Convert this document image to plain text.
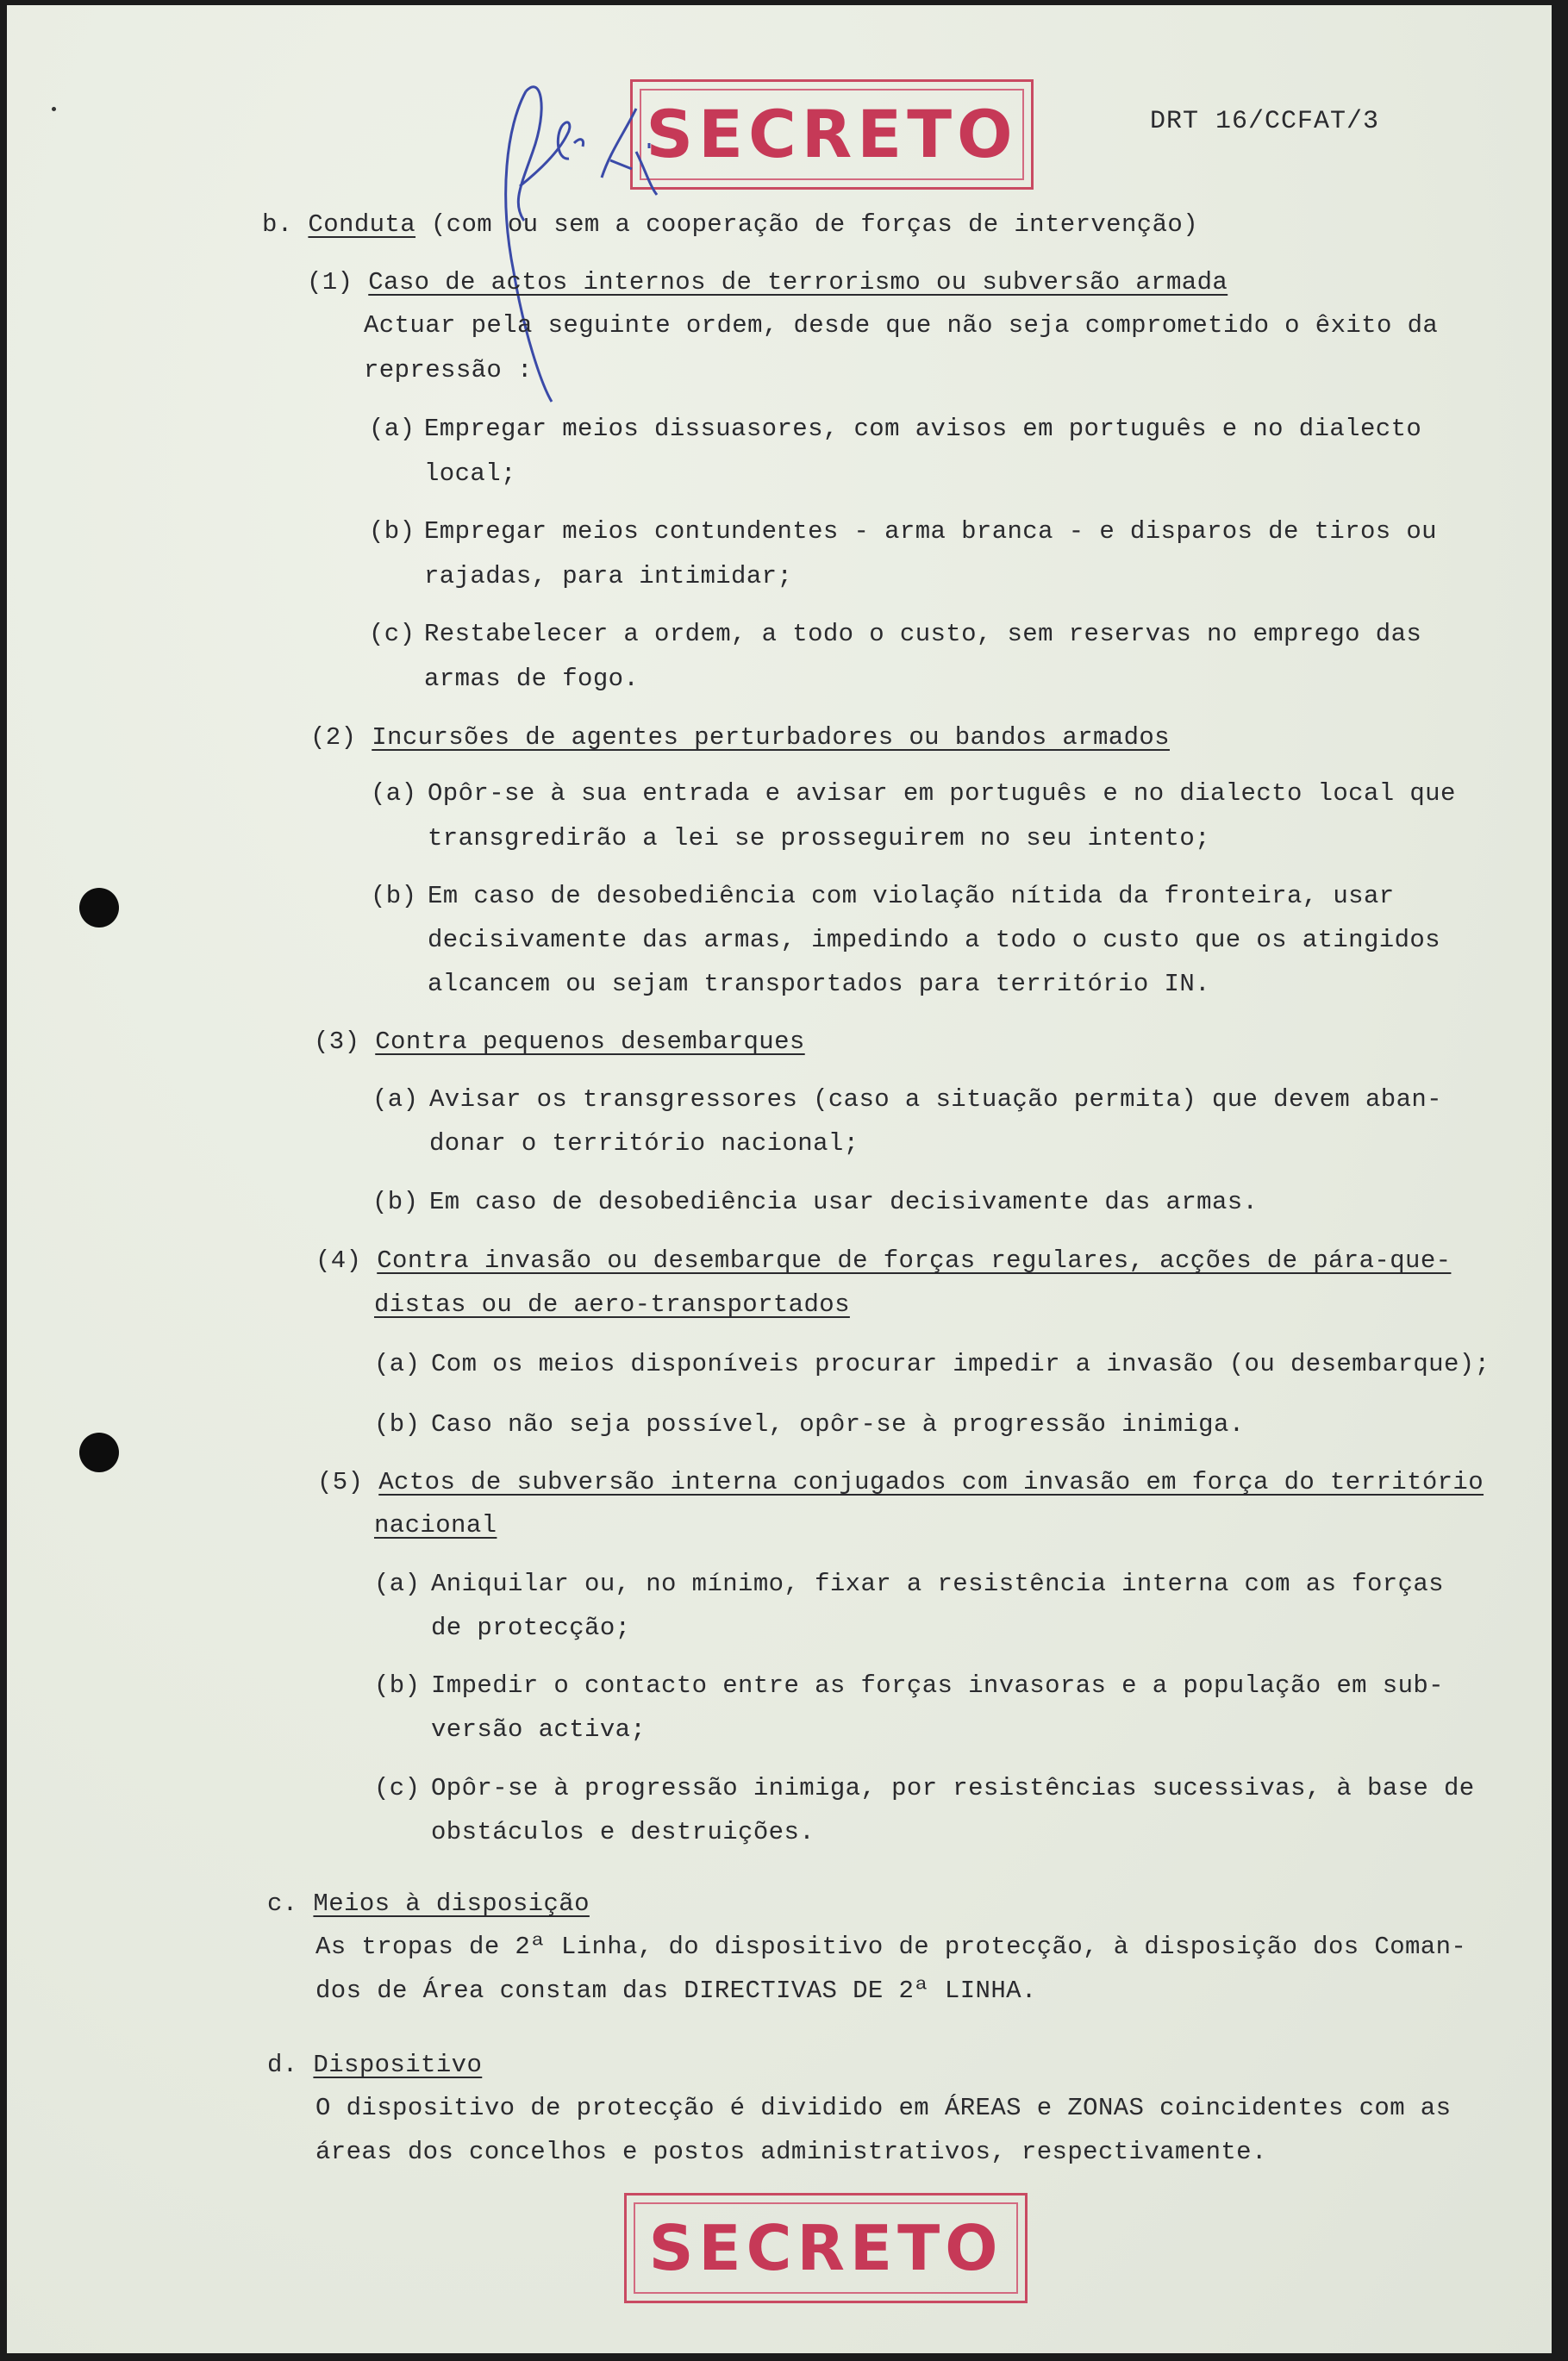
SECRETO	DRT 16/CCFAT/3
b. Conduta (com ou sem a cooperação de forças de intervenção)
(1) Caso de actos internos de terrorismo ou subversão armada
Actuar pela seguinte ordem, desde que não seja comprometido o êxito da
repressão :
(a) Empregar meios dissuasores, com avisos em português e no dialecto
local;
(b) Empregar meios contundentes - arma branca - e disparos de tiros ou
rajadas, para intimidar;
(c) Restabelecer a ordem, a todo o custo, sem reservas no emprego das
armas de fogo.
(2) Incursões de agentes perturbadores ou bandos armados
(a) Opôr-se à sua entrada e avisar em português e no dialecto local que
transgredirão a lei se prosseguirem no seu intento;
(b) Em caso de desobediência com violação nítida da fronteira, usar
decisivamente das armas, impedindo a todo o custo que os atingidos
alcancem ou sejam transportados para território IN.
(3) Contra pequenos desembarques
(a) Avisar os transgressores (caso a situação permita) que devem aban-
donar o território nacional;
(b) Em caso de desobediência usar decisivamente das armas.
(4) Contra invasão ou desembarque de forças regulares, acções de pára-que-
distas ou de aero-transportados
(a) Com os meios disponíveis procurar impedir a invasão (ou desembarque);
(b) Caso não seja possível, opôr-se à progressão inimiga.
(5) Actos de subversão interna conjugados com invasão em força do território
nacional
(a) Aniquilar ou, no mínimo, fixar a resistência interna com as forças
de protecção;
(b) Impedir o contacto entre as forças invasoras e a população em sub-
versão activa;
(c) Opôr-se à progressão inimiga, por resistências sucessivas, à base de
obstáculos e destruições.
c. Meios à disposição
As tropas de 2ª Linha, do dispositivo de protecção, à disposição dos Coman-
dos de Área constam das DIRECTIVAS DE 2ª LINHA.
d. Dispositivo
O dispositivo de protecção é dividido em ÁREAS e ZONAS coincidentes com as
áreas dos concelhos e postos administrativos, respectivamente.
SECRETO
